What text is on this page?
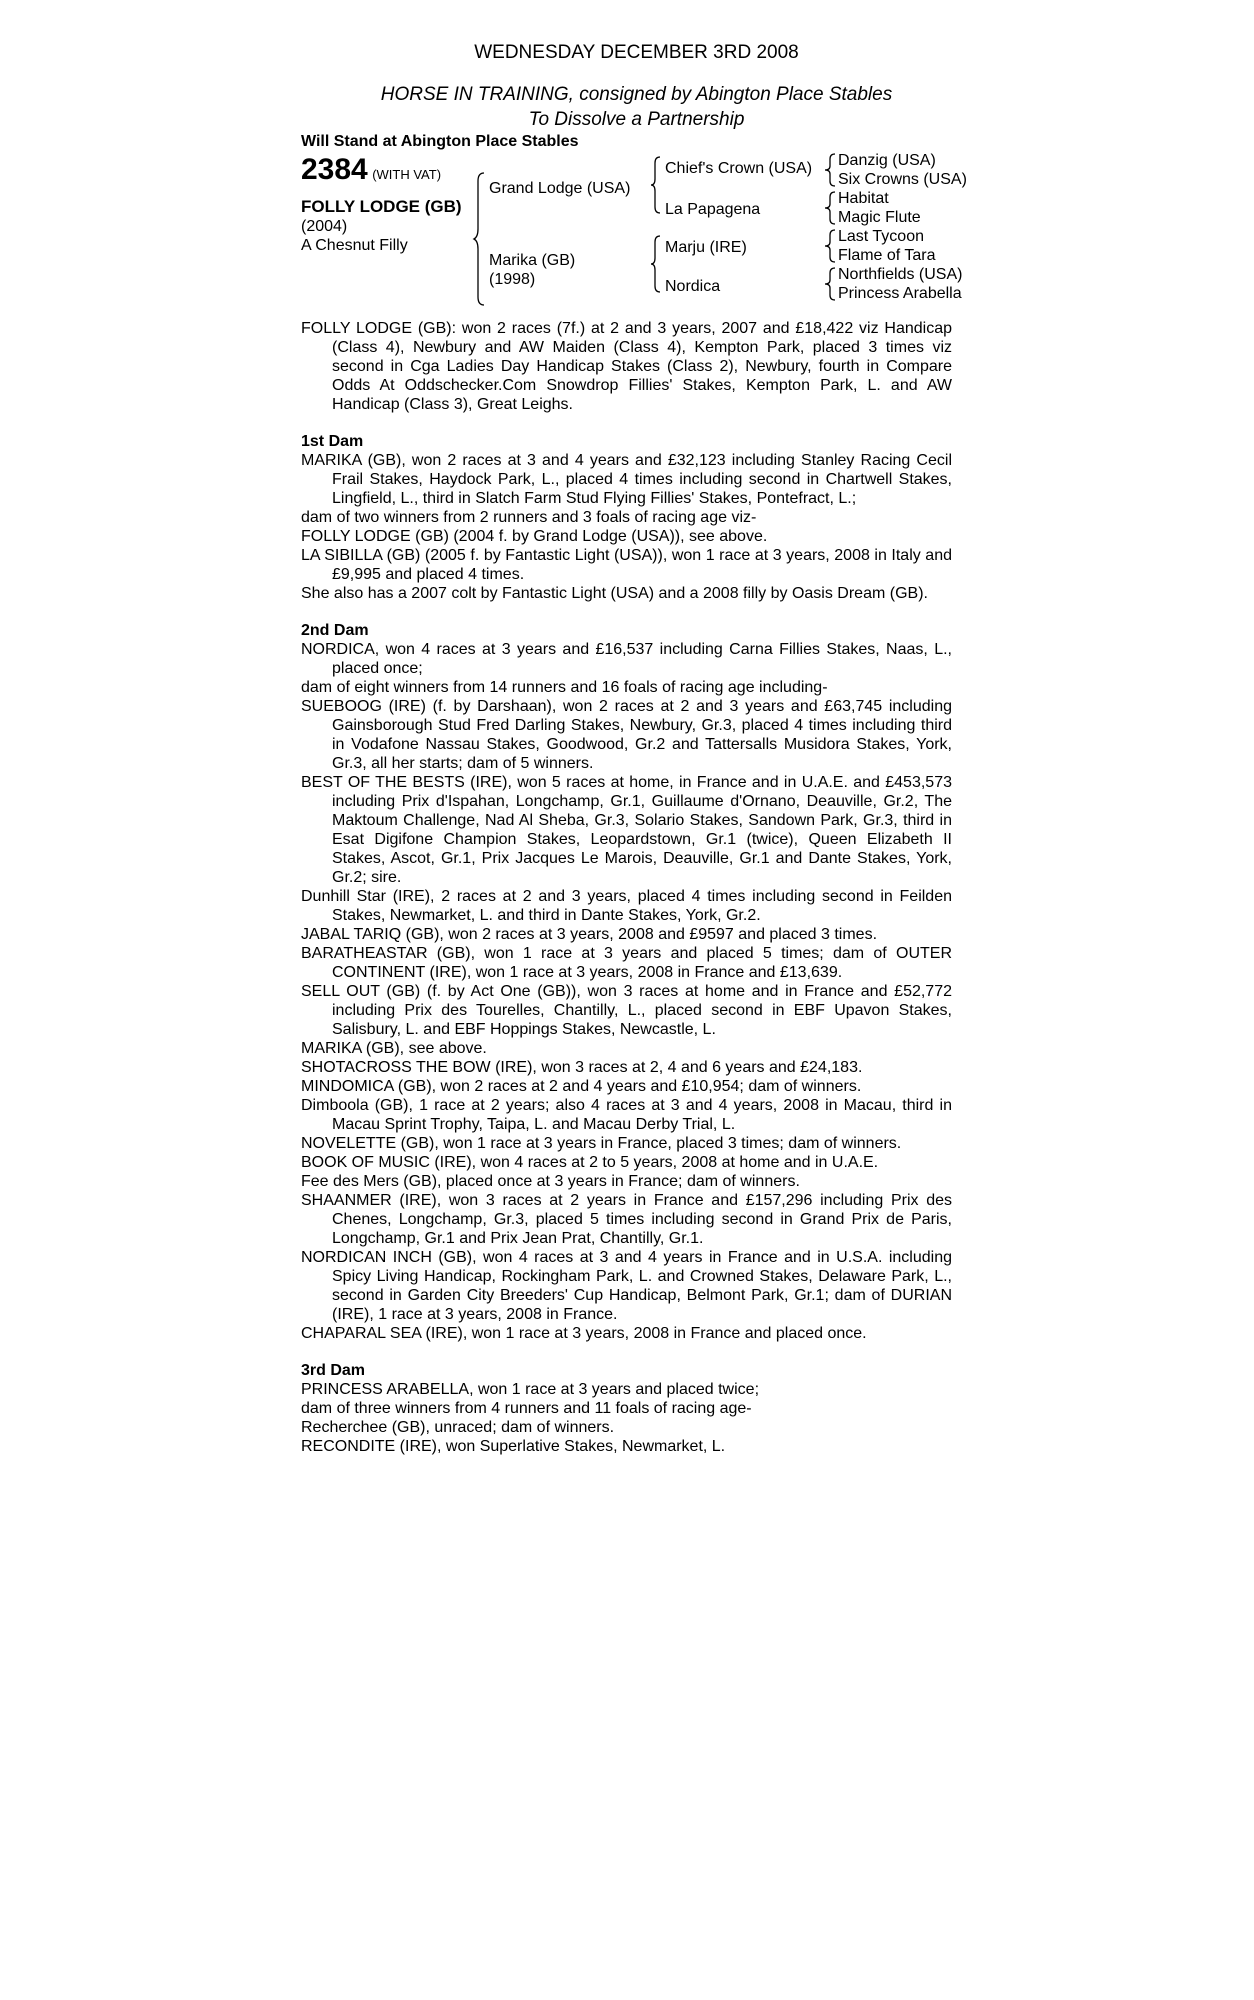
WEDNESDAY DECEMBER 3RD 2008
HORSE IN TRAINING, consigned by Abington Place Stables
To Dissolve a Partnership
Will Stand at Abington Place Stables
2384 (WITH VAT)
FOLLY LODGE (GB)
(2004)
A Chesnut Filly
Grand Lodge (USA)
Marika (GB)
(1998)
Chief's Crown (USA)
La Papagena
Marju (IRE)
Nordica
Danzig (USA)
Six Crowns (USA)
Habitat
Magic Flute
Last Tycoon
Flame of Tara
Northfields (USA)
Princess Arabella

FOLLY LODGE (GB): won 2 races (7f.) at 2 and 3 years, 2007 and £18,422 viz Handicap (Class 4), Newbury and AW Maiden (Class 4), Kempton Park, placed 3 times viz second in Cga Ladies Day Handicap Stakes (Class 2), Newbury, fourth in Compare Odds At Oddschecker.Com Snowdrop Fillies' Stakes, Kempton Park, L. and AW Handicap (Class 3), Great Leighs.

1st Dam

MARIKA (GB), won 2 races at 3 and 4 years and £32,123 including Stanley Racing Cecil Frail Stakes, Haydock Park, L., placed 4 times including second in Chartwell Stakes, Lingfield, L., third in Slatch Farm Stud Flying Fillies' Stakes, Pontefract, L.;

dam of two winners from 2 runners and 3 foals of racing age viz-

FOLLY LODGE (GB) (2004 f. by Grand Lodge (USA)), see above.

LA SIBILLA (GB) (2005 f. by Fantastic Light (USA)), won 1 race at 3 years, 2008 in Italy and £9,995 and placed 4 times.

She also has a 2007 colt by Fantastic Light (USA) and a 2008 filly by Oasis Dream (GB).

2nd Dam

NORDICA, won 4 races at 3 years and £16,537 including Carna Fillies Stakes, Naas, L., placed once;

dam of eight winners from 14 runners and 16 foals of racing age including-

SUEBOOG (IRE) (f. by Darshaan), won 2 races at 2 and 3 years and £63,745 including Gainsborough Stud Fred Darling Stakes, Newbury, Gr.3, placed 4 times including third in Vodafone Nassau Stakes, Goodwood, Gr.2 and Tattersalls Musidora Stakes, York, Gr.3, all her starts; dam of 5 winners.

BEST OF THE BESTS (IRE), won 5 races at home, in France and in U.A.E. and £453,573 including Prix d'Ispahan, Longchamp, Gr.1, Guillaume d'Ornano, Deauville, Gr.2, The Maktoum Challenge, Nad Al Sheba, Gr.3, Solario Stakes, Sandown Park, Gr.3, third in Esat Digifone Champion Stakes, Leopardstown, Gr.1 (twice), Queen Elizabeth II Stakes, Ascot, Gr.1, Prix Jacques Le Marois, Deauville, Gr.1 and Dante Stakes, York, Gr.2; sire.

Dunhill Star (IRE), 2 races at 2 and 3 years, placed 4 times including second in Feilden Stakes, Newmarket, L. and third in Dante Stakes, York, Gr.2.

JABAL TARIQ (GB), won 2 races at 3 years, 2008 and £9597 and placed 3 times.

BARATHEASTAR (GB), won 1 race at 3 years and placed 5 times; dam of OUTER CONTINENT (IRE), won 1 race at 3 years, 2008 in France and £13,639.

SELL OUT (GB) (f. by Act One (GB)), won 3 races at home and in France and £52,772 including Prix des Tourelles, Chantilly, L., placed second in EBF Upavon Stakes, Salisbury, L. and EBF Hoppings Stakes, Newcastle, L.

MARIKA (GB), see above.

SHOTACROSS THE BOW (IRE), won 3 races at 2, 4 and 6 years and £24,183.

MINDOMICA (GB), won 2 races at 2 and 4 years and £10,954; dam of winners.

Dimboola (GB), 1 race at 2 years; also 4 races at 3 and 4 years, 2008 in Macau, third in Macau Sprint Trophy, Taipa, L. and Macau Derby Trial, L.

NOVELETTE (GB), won 1 race at 3 years in France, placed 3 times; dam of winners.

BOOK OF MUSIC (IRE), won 4 races at 2 to 5 years, 2008 at home and in U.A.E.

Fee des Mers (GB), placed once at 3 years in France; dam of winners.

SHAANMER (IRE), won 3 races at 2 years in France and £157,296 including Prix des Chenes, Longchamp, Gr.3, placed 5 times including second in Grand Prix de Paris, Longchamp, Gr.1 and Prix Jean Prat, Chantilly, Gr.1.

NORDICAN INCH (GB), won 4 races at 3 and 4 years in France and in U.S.A. including Spicy Living Handicap, Rockingham Park, L. and Crowned Stakes, Delaware Park, L., second in Garden City Breeders' Cup Handicap, Belmont Park, Gr.1; dam of DURIAN (IRE), 1 race at 3 years, 2008 in France.

CHAPARAL SEA (IRE), won 1 race at 3 years, 2008 in France and placed once.

3rd Dam

PRINCESS ARABELLA, won 1 race at 3 years and placed twice;

dam of three winners from 4 runners and 11 foals of racing age-

Recherchee (GB), unraced; dam of winners.

RECONDITE (IRE), won Superlative Stakes, Newmarket, L.
